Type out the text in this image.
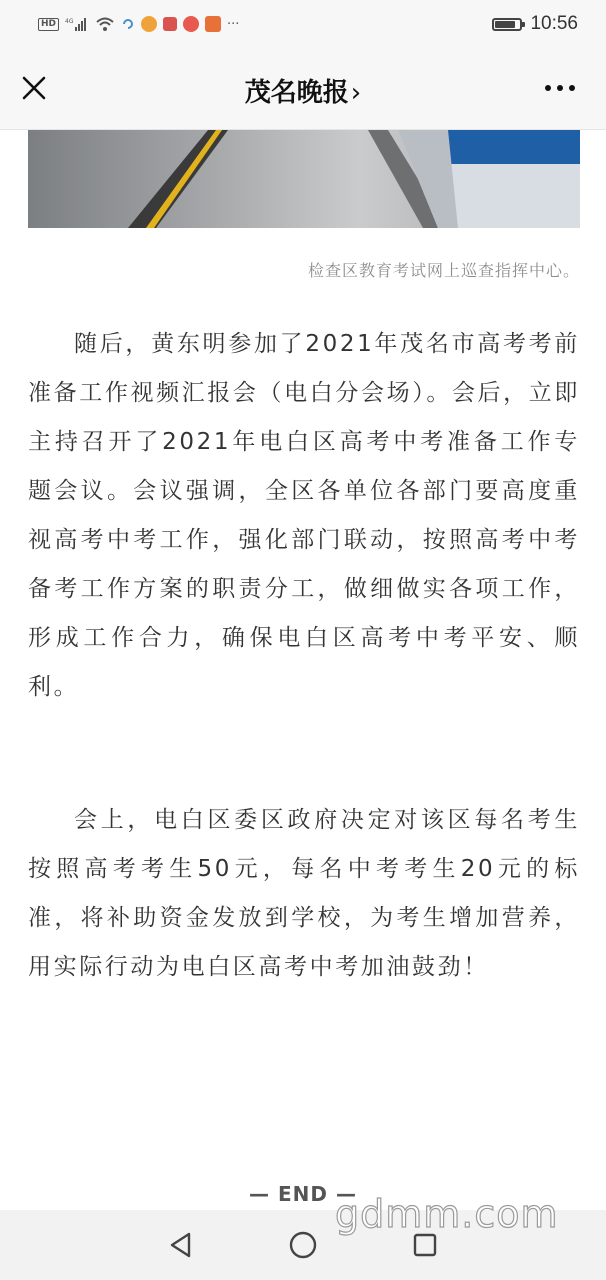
HD	4G	···	10:56
茂名晚报›
检查区教育考试网上巡查指挥中心。

随后，黄东明参加了2021年茂名市高考考前准备工作视频汇报会（电白分会场）。会后，立即主持召开了2021年电白区高考中考准备工作专题会议。会议强调，全区各单位各部门要高度重视高考中考工作，强化部门联动，按照高考中考备考工作方案的职责分工，做细做实各项工作，形成工作合力，确保电白区高考中考平安、顺利。

会上，电白区委区政府决定对该区每名考生按照高考考生50元，每名中考考生20元的标准，将补助资金发放到学校，为考生增加营养，用实际行动为电白区高考中考加油鼓劲！

— END —
gdmm.com
